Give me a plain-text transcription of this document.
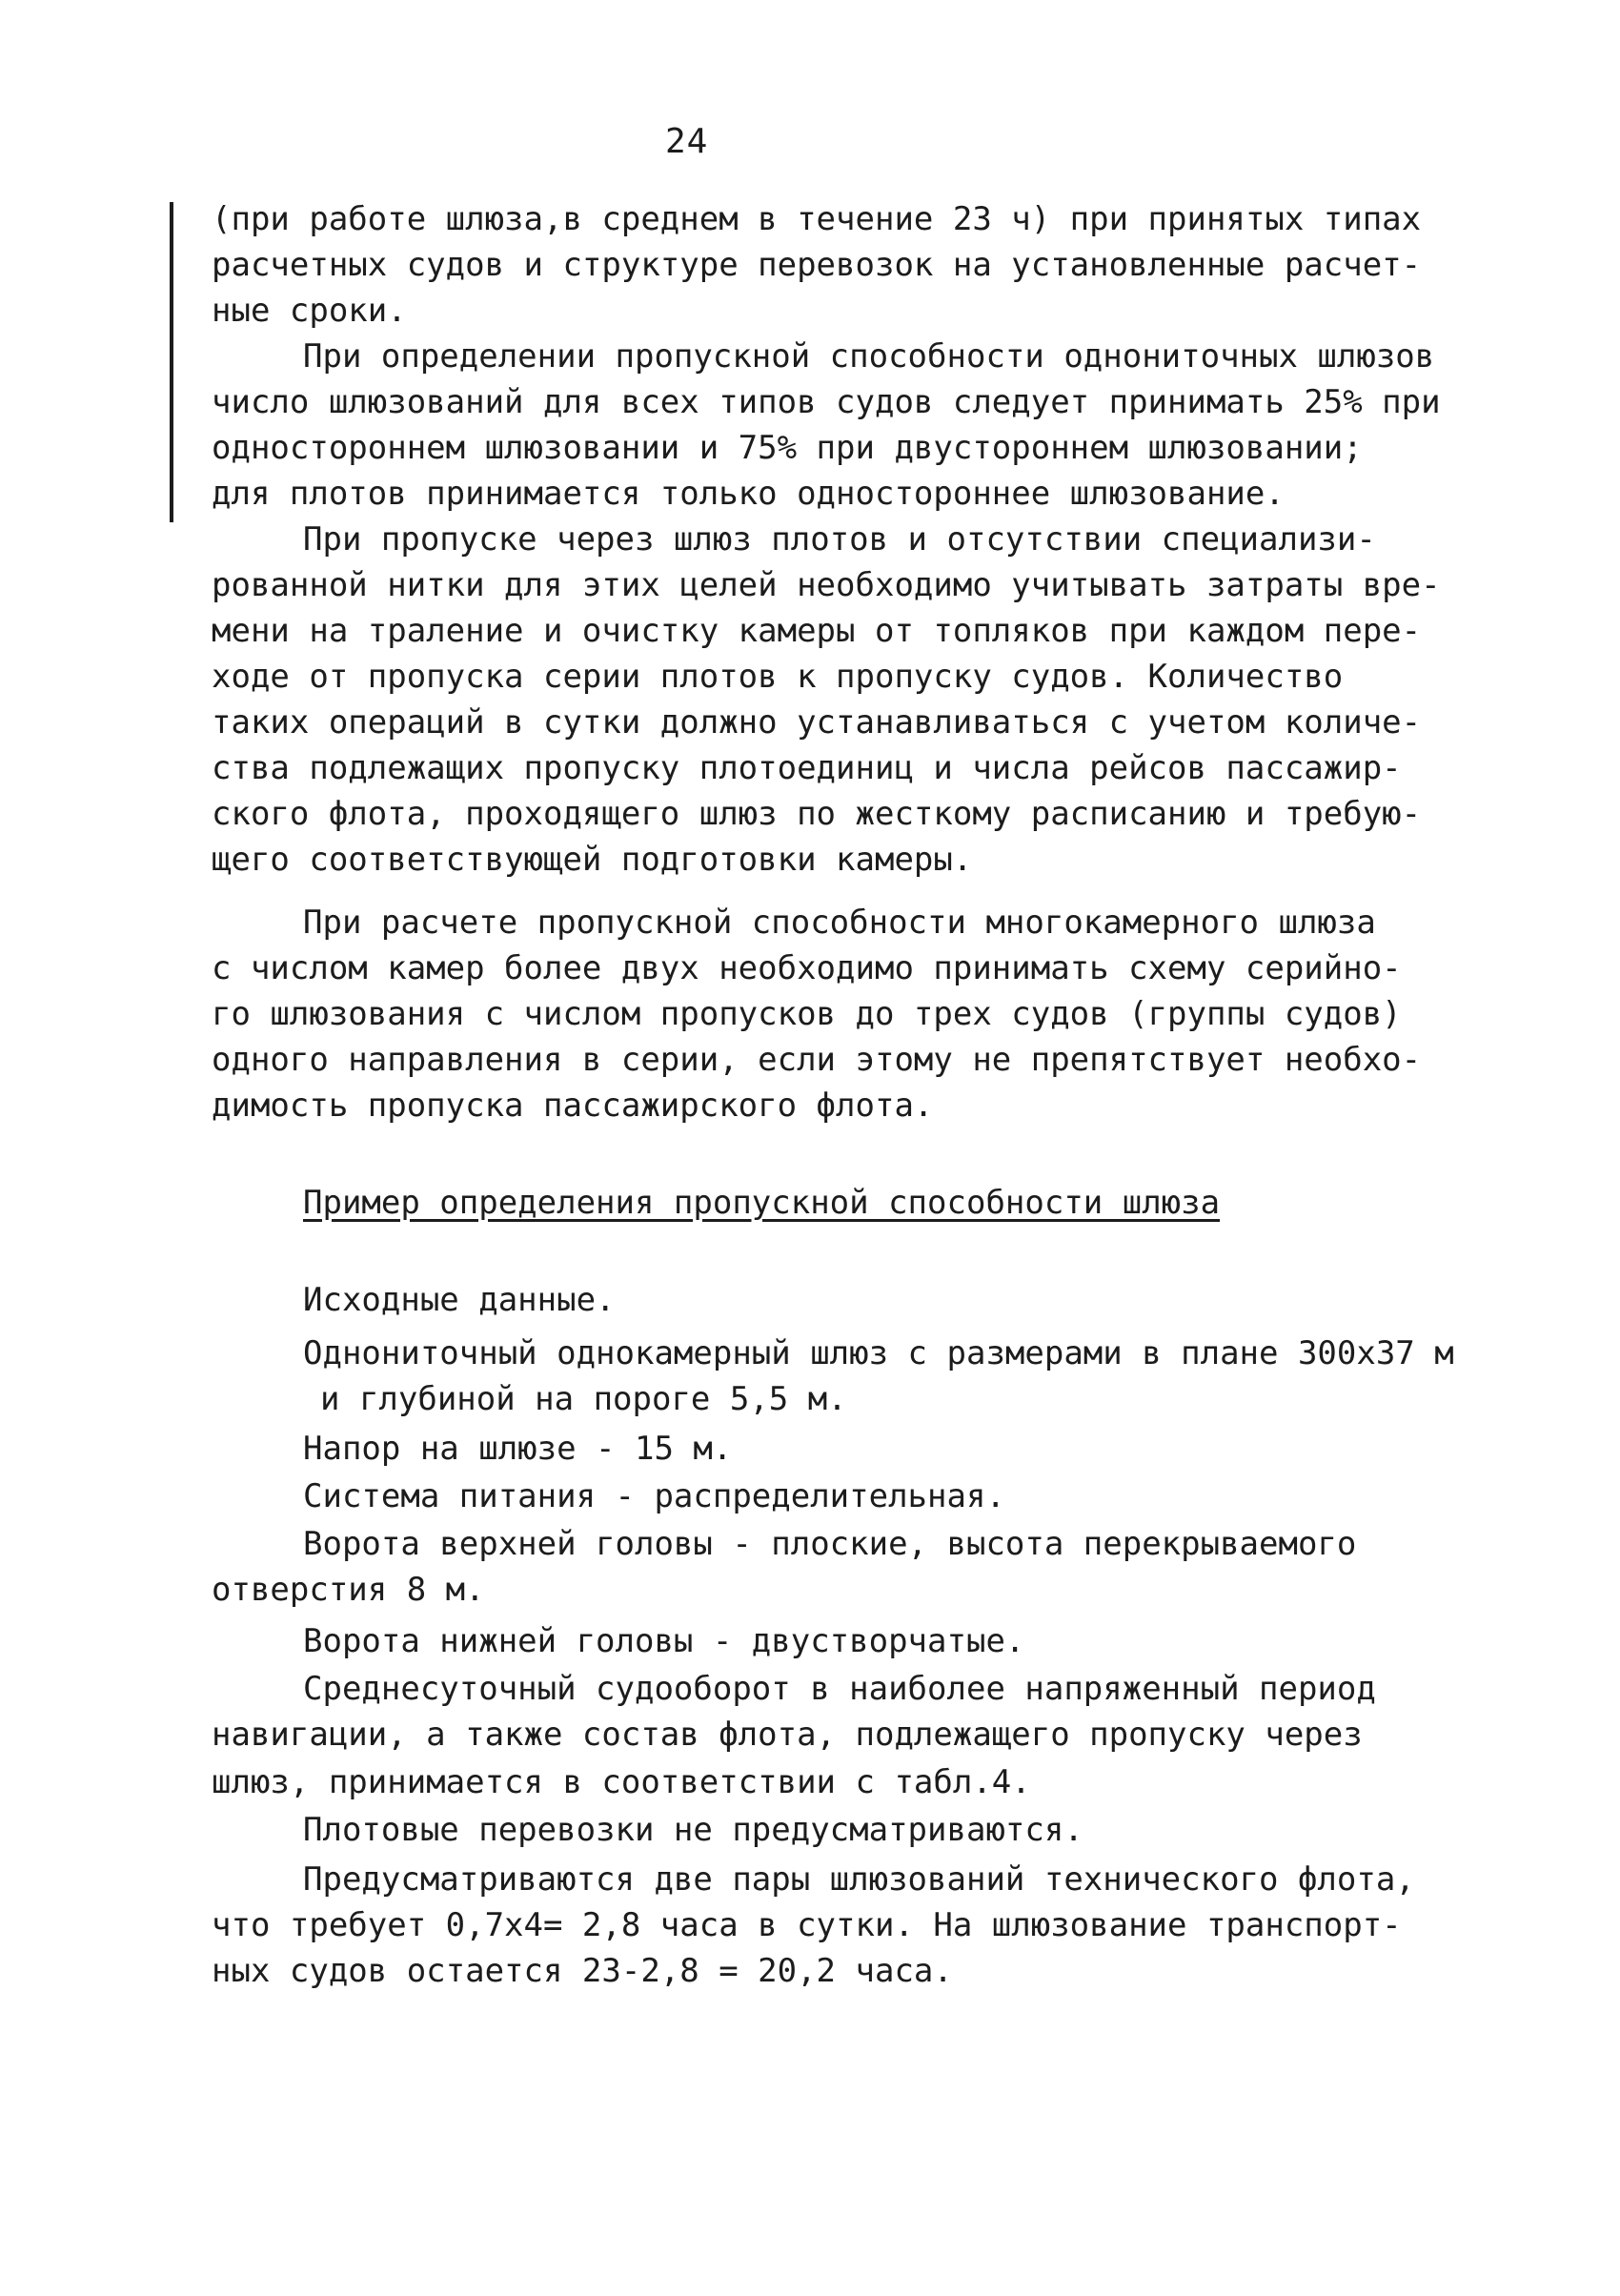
24
(при работе шлюза,в среднем в течение 23 ч) при принятых типах
расчетных судов и структуре перевозок на установленные расчет-
ные сроки.
При определении пропускной способности однониточных шлюзов
число шлюзований для всех типов судов следует принимать 25% при
одностороннем шлюзовании и 75% при двустороннем шлюзовании;
для плотов принимается только одностороннее шлюзование.
При пропуске через шлюз плотов и отсутствии специализи-
рованной нитки для этих целей необходимо учитывать затраты вре-
мени на траление и очистку камеры от топляков при каждом пере-
ходе от пропуска серии плотов к пропуску судов. Количество
таких операций в сутки должно устанавливаться с учетом количе-
ства подлежащих пропуску плотоединиц и числа рейсов пассажир-
ского флота, проходящего шлюз по жесткому расписанию и требую-
щего соответствующей подготовки камеры.
При расчете пропускной способности многокамерного шлюза
с числом камер более двух необходимо принимать схему серийно-
го шлюзования с числом пропусков до трех судов (группы судов)
одного направления в серии, если этому не препятствует необхо-
димость пропуска пассажирского флота.
Пример определения пропускной способности шлюза
Исходные данные.
Однониточный однокамерный шлюз с размерами в плане 300х37 м
и глубиной на пороге 5,5 м.
Напор на шлюзе - 15 м.
Система питания - распределительная.
Ворота верхней головы - плоские, высота перекрываемого
отверстия 8 м.
Ворота нижней головы - двустворчатые.
Среднесуточный судооборот в наиболее напряженный период
навигации, а также состав флота, подлежащего пропуску через
шлюз, принимается в соответствии с табл.4.
Плотовые перевозки не предусматриваются.
Предусматриваются две пары шлюзований технического флота,
что требует 0,7х4= 2,8 часа в сутки. На шлюзование транспорт-
ных судов остается 23-2,8 = 20,2 часа.
